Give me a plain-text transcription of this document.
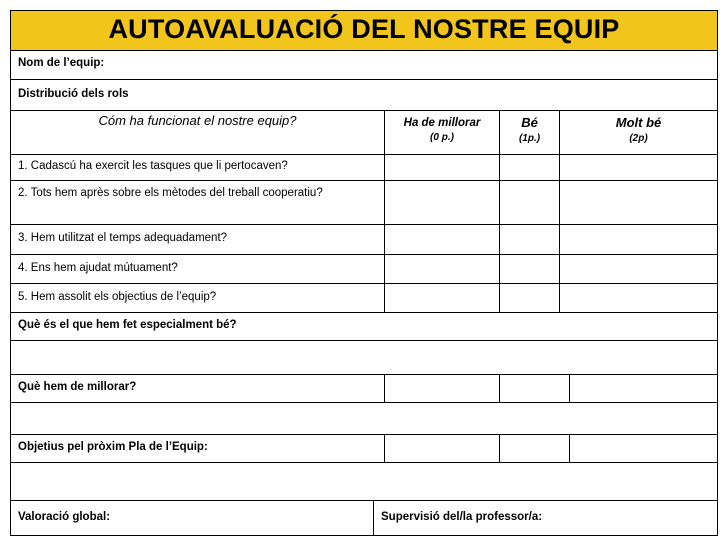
AUTOAVALUACIÓ DEL NOSTRE EQUIP
Nom de l’equip:
Distribució dels rols
Cóm ha funcionat el nostre equip?	Ha de millorar
(0 p.)
Bé
(1p.)
Molt bé
(2p)
1. Cadascú ha exercit les tasques que li pertocaven?
2. Tots hem après sobre els mètodes del treball cooperatiu?
3. Hem utilitzat el temps adequadament?
4. Ens hem ajudat mútuament?
5. Hem assolit els objectius de l’equip?
Què és el que hem fet especialment bé?
Què hem de millorar?
Objetius pel pròxim Pla de l’Equip:
Valoració global:	Supervisió del/la professor/a:
